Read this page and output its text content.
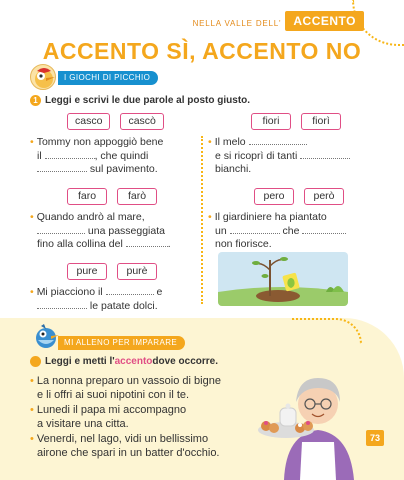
NELLA VALLE DELL'	ACCENTO
ACCENTO SÌ, ACCENTO NO
I GIOCHI DI PICCHIO
1 Leggi e scrivi le due parole al posto giusto.
casco	cascò
• Tommy non appoggiò bene
il	, che quindi
sul pavimento.
fiori	fiorì
• Il melo
e si ricoprì di tanti
bianchi.
faro	farò
• Quando andrò al mare,
una passeggiata
fino alla collina del	.
pero	però
• Il giardiniere ha piantato
un	che
non fiorisce.
pure	purè
• Mi piacciono il	e
le patate dolci.
MI ALLENO PER IMPARARE
Leggi e metti l' accento dove occorre.
• La nonna preparo un vassoio di bigne
e li offri ai suoi nipotini con il te.
• Lunedi il papa mi accompagno
a visitare una citta.
• Venerdi, nel lago, vidi un bellissimo
airone che spari in un batter d'occhio.
73
